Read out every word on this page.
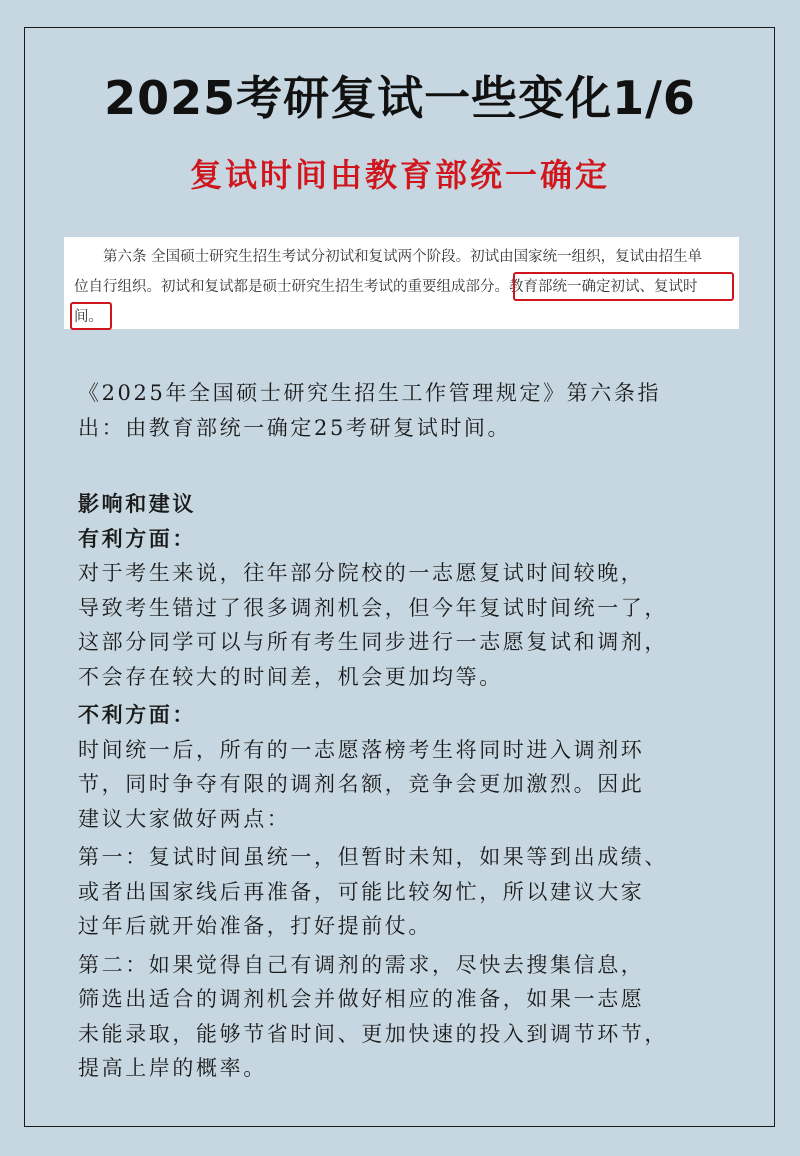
2025考研复试一些变化1/6
复试时间由教育部统一确定
　　第六条 全国硕士研究生招生考试分初试和复试两个阶段。初试由国家统一组织，复试由招生单
位自行组织。初试和复试都是硕士研究生招生考试的重要组成部分。教育部统一确定初试、复试时
间。
《2025年全国硕士研究生招生工作管理规定》第六条指
出：由教育部统一确定25考研复试时间。
影响和建议
有利方面：
对于考生来说，往年部分院校的一志愿复试时间较晚，
导致考生错过了很多调剂机会，但今年复试时间统一了，
这部分同学可以与所有考生同步进行一志愿复试和调剂，
不会存在较大的时间差，机会更加均等。
不利方面：
时间统一后，所有的一志愿落榜考生将同时进入调剂环
节，同时争夺有限的调剂名额，竞争会更加激烈。因此
建议大家做好两点：
第一：复试时间虽统一，但暂时未知，如果等到出成绩、
或者出国家线后再准备，可能比较匆忙，所以建议大家
过年后就开始准备，打好提前仗。
第二：如果觉得自己有调剂的需求，尽快去搜集信息，
筛选出适合的调剂机会并做好相应的准备，如果一志愿
未能录取，能够节省时间、更加快速的投入到调节环节，
提高上岸的概率。
